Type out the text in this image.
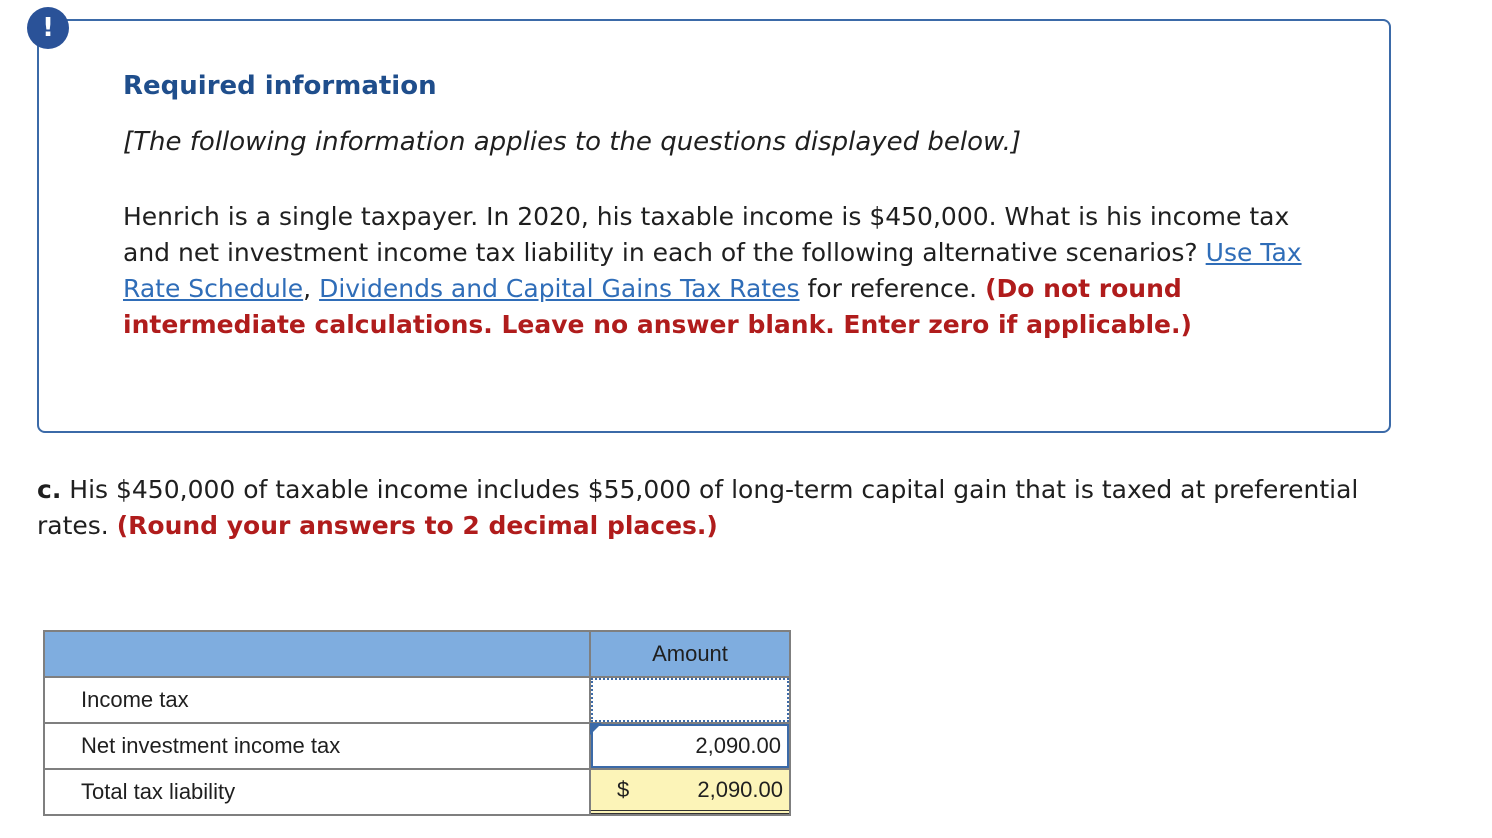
!
Required information
[The following information applies to the questions displayed below.]
Henrich is a single taxpayer. In 2020, his taxable income is $450,000. What is his income tax and net investment income tax liability in each of the following alternative scenarios? Use Tax Rate Schedule, Dividends and Capital Gains Tax Rates for reference. (Do not round intermediate calculations. Leave no answer blank. Enter zero if applicable.)
c. His $450,000 of taxable income includes $55,000 of long-term capital gain that is taxed at preferential rates. (Round your answers to 2 decimal places.)
	Amount
Income tax	

Net investment income tax	2,090.00

Total tax liability	$ 2,090.00
